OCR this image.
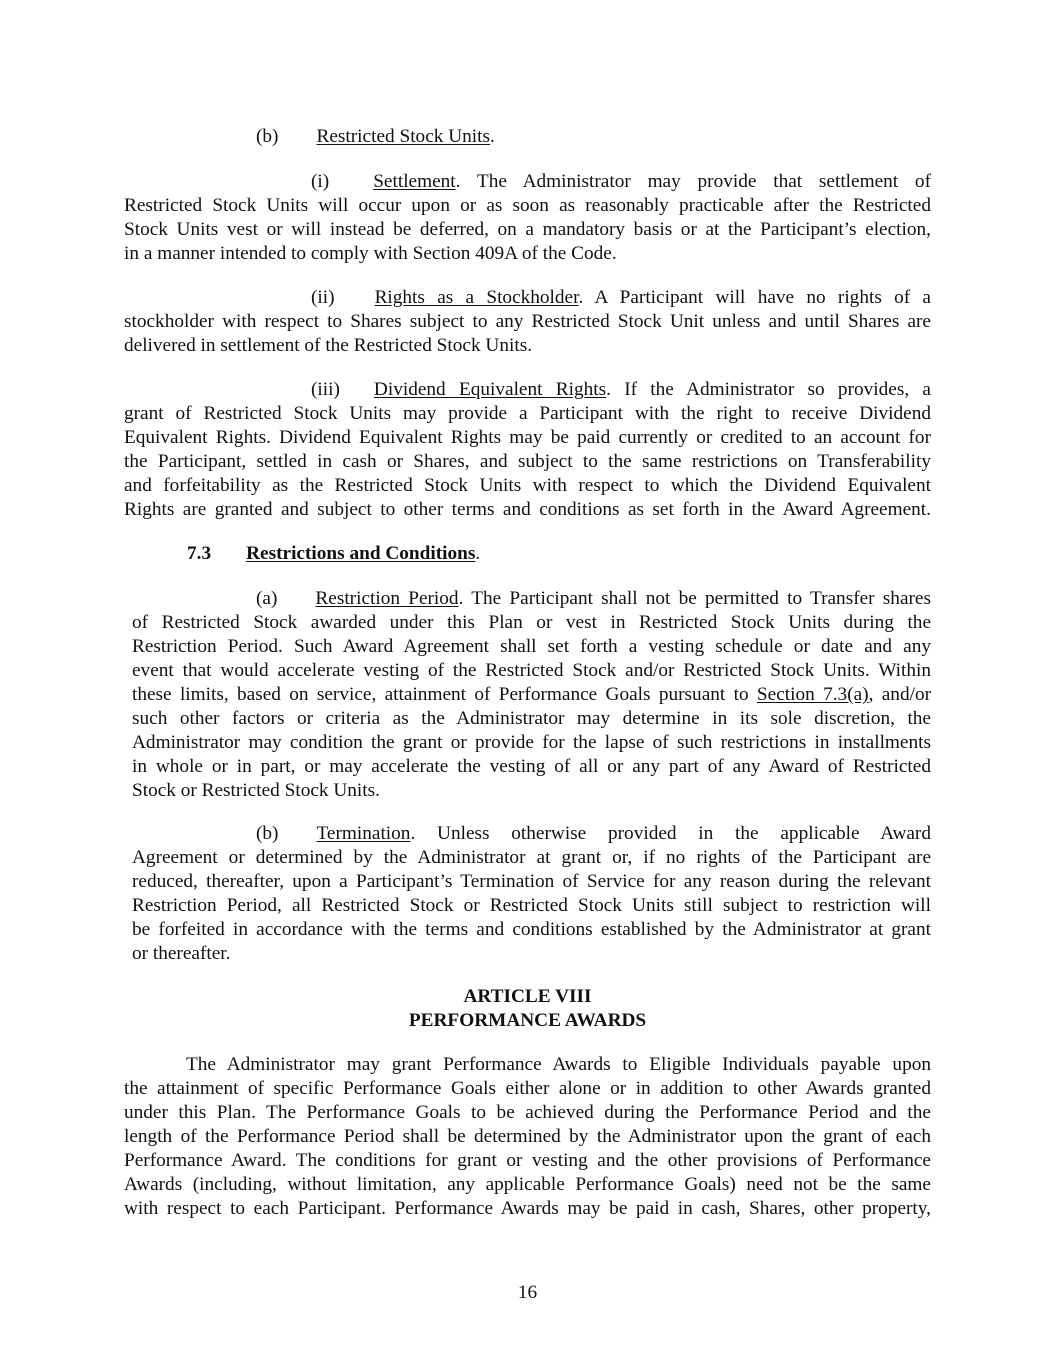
(b) Restricted Stock Units.
(i) Settlement. The Administrator may provide that settlement of
Restricted Stock Units will occur upon or as soon as reasonably practicable after the Restricted
Stock Units vest or will instead be deferred, on a mandatory basis or at the Participant’s election,
in a manner intended to comply with Section 409A of the Code.
(ii) Rights as a Stockholder. A Participant will have no rights of a
stockholder with respect to Shares subject to any Restricted Stock Unit unless and until Shares are
delivered in settlement of the Restricted Stock Units.
(iii) Dividend Equivalent Rights. If the Administrator so provides, a
grant of Restricted Stock Units may provide a Participant with the right to receive Dividend
Equivalent Rights. Dividend Equivalent Rights may be paid currently or credited to an account for
the Participant, settled in cash or Shares, and subject to the same restrictions on Transferability
and forfeitability as the Restricted Stock Units with respect to which the Dividend Equivalent
Rights are granted and subject to other terms and conditions as set forth in the Award Agreement.
7.3 Restrictions and Conditions.
(a) Restriction Period. The Participant shall not be permitted to Transfer shares
of Restricted Stock awarded under this Plan or vest in Restricted Stock Units during the
Restriction Period. Such Award Agreement shall set forth a vesting schedule or date and any
event that would accelerate vesting of the Restricted Stock and/or Restricted Stock Units. Within
these limits, based on service, attainment of Performance Goals pursuant to Section 7.3(a), and/or
such other factors or criteria as the Administrator may determine in its sole discretion, the
Administrator may condition the grant or provide for the lapse of such restrictions in installments
in whole or in part, or may accelerate the vesting of all or any part of any Award of Restricted
Stock or Restricted Stock Units.
(b) Termination. Unless otherwise provided in the applicable Award
Agreement or determined by the Administrator at grant or, if no rights of the Participant are
reduced, thereafter, upon a Participant’s Termination of Service for any reason during the relevant
Restriction Period, all Restricted Stock or Restricted Stock Units still subject to restriction will
be forfeited in accordance with the terms and conditions established by the Administrator at grant
or thereafter.
ARTICLE VIII
PERFORMANCE AWARDS
The Administrator may grant Performance Awards to Eligible Individuals payable upon
the attainment of specific Performance Goals either alone or in addition to other Awards granted
under this Plan. The Performance Goals to be achieved during the Performance Period and the
length of the Performance Period shall be determined by the Administrator upon the grant of each
Performance Award. The conditions for grant or vesting and the other provisions of Performance
Awards (including, without limitation, any applicable Performance Goals) need not be the same
with respect to each Participant. Performance Awards may be paid in cash, Shares, other property,
16
